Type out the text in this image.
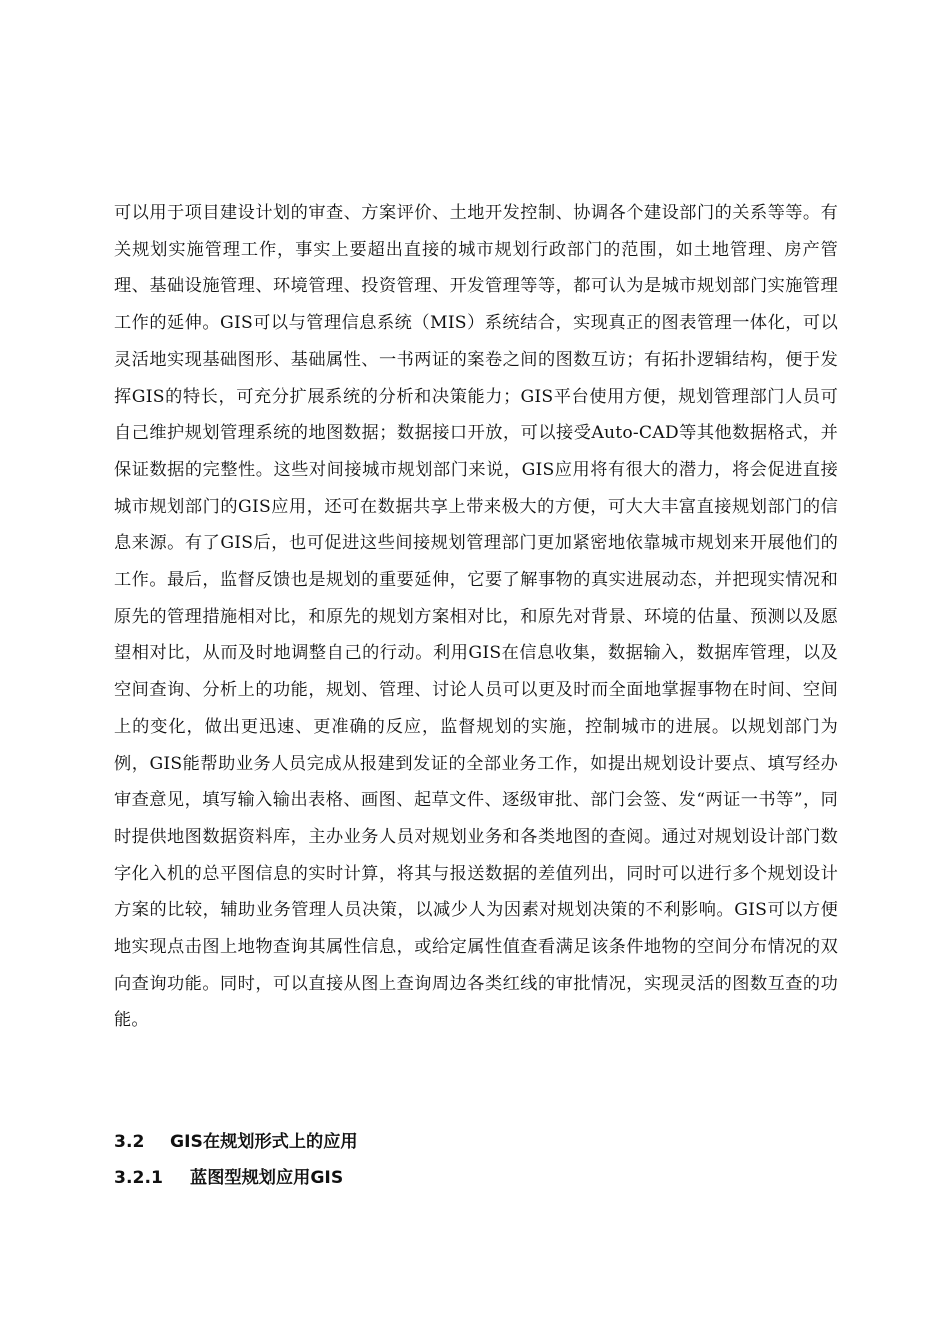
可以用于项目建设计划的审查、方案评价、土地开发控制、协调各个建设部门的关系等等。有关规划实施管理工作，事实上要超出直接的城市规划行政部门的范围，如土地管理、房产管理、基础设施管理、环境管理、投资管理、开发管理等等，都可认为是城市规划部门实施管理工作的延伸。GIS可以与管理信息系统（MIS）系统结合，实现真正的图表管理一体化，可以灵活地实现基础图形、基础属性、一书两证的案卷之间的图数互访；有拓扑逻辑结构，便于发挥GIS的特长，可充分扩展系统的分析和决策能力；GIS平台使用方便，规划管理部门人员可自己维护规划管理系统的地图数据；数据接口开放，可以接受Auto-CAD等其他数据格式，并保证数据的完整性。这些对间接城市规划部门来说，GIS应用将有很大的潜力，将会促进直接城市规划部门的GIS应用，还可在数据共享上带来极大的方便，可大大丰富直接规划部门的信息来源。有了GIS后，也可促进这些间接规划管理部门更加紧密地依靠城市规划来开展他们的工作。最后，监督反馈也是规划的重要延伸，它要了解事物的真实进展动态，并把现实情况和原先的管理措施相对比，和原先的规划方案相对比，和原先对背景、环境的估量、预测以及愿望相对比，从而及时地调整自己的行动。利用GIS在信息收集，数据输入，数据库管理，以及空间查询、分析上的功能，规划、管理、讨论人员可以更及时而全面地掌握事物在时间、空间上的变化，做出更迅速、更准确的反应，监督规划的实施，控制城市的进展。以规划部门为例，GIS能帮助业务人员完成从报建到发证的全部业务工作，如提出规划设计要点、填写经办审查意见，填写输入输出表格、画图、起草文件、逐级审批、部门会签、发“两证一书等”，同时提供地图数据资料库，主办业务人员对规划业务和各类地图的查阅。通过对规划设计部门数字化入机的总平图信息的实时计算，将其与报送数据的差值列出，同时可以进行多个规划设计方案的比较，辅助业务管理人员决策，以减少人为因素对规划决策的不利影响。GIS可以方便地实现点击图上地物查询其属性信息，或给定属性值查看满足该条件地物的空间分布情况的双向查询功能。同时，可以直接从图上查询周边各类红线的审批情况，实现灵活的图数互查的功能。

3.2 GIS在规划形式上的应用
3.2.1 蓝图型规划应用GIS
